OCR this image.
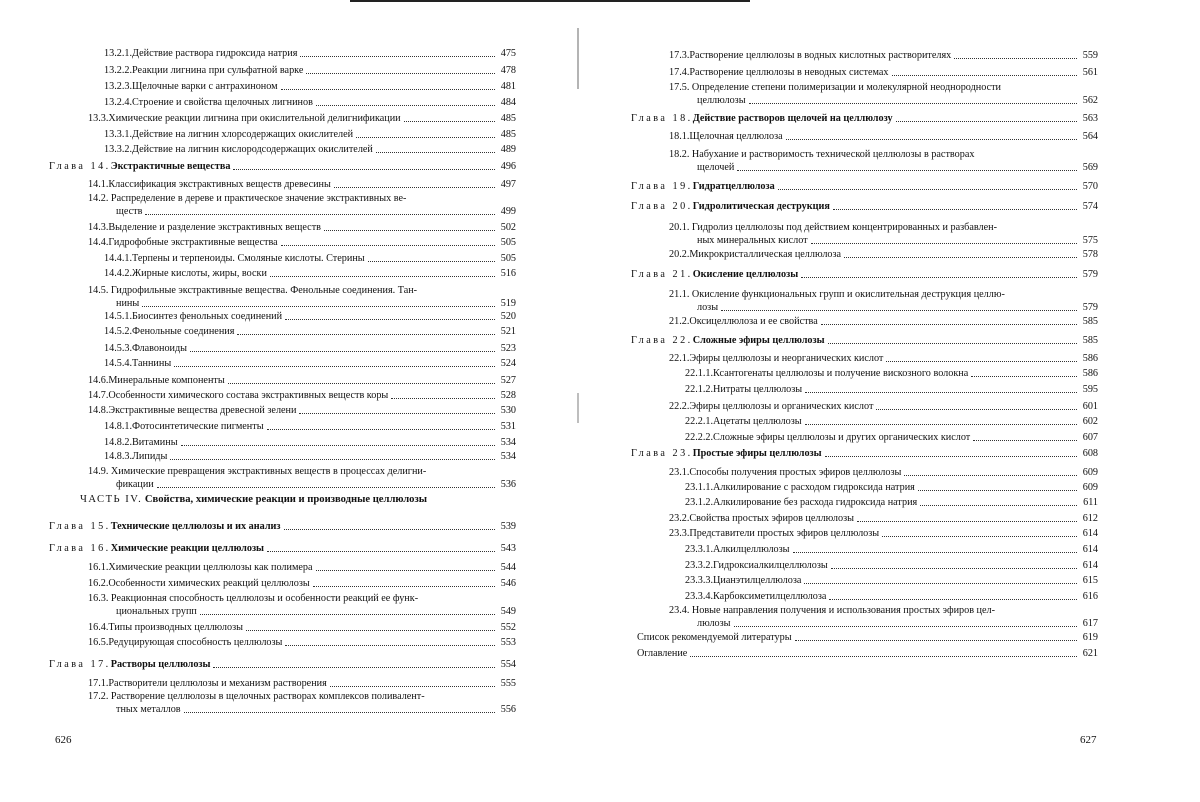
13.2.1. Действие раствора гидроксида натрия	475
13.2.2. Реакции лигнина при сульфатной варке	478
13.2.3. Щелочные варки с антрахиноном	481
13.2.4. Строение и свойства щелочных лигнинов	484
13.3. Химические реакции лигнина при окислительной делигнификации	485
13.3.1. Действие на лигнин хлорсодержащих окислителей	485
13.3.2. Действие на лигнин кислородсодержащих окислителей	489
Глава 14. Экстрактичные вещества	496
14.1. Классификация экстрактивных веществ древесины	497
14.2. Распределение в дереве и практическое значение экстрактивных ве-
ществ	499
14.3. Выделение и разделение экстрактивных веществ	502
14.4. Гидрофобные экстрактивные вещества	505
14.4.1. Терпены и терпеноиды. Смоляные кислоты. Стерины	505
14.4.2. Жирные кислоты, жиры, воски	516
14.5. Гидрофильные экстрактивные вещества. Фенольные соединения. Тан-
нины	519
14.5.1. Биосинтез фенольных соединений	520
14.5.2. Фенольные соединения	521
14.5.3. Флавоноиды	523
14.5.4. Таннины	524
14.6. Минеральные компоненты	527
14.7. Особенности химического состава экстрактивных веществ коры	528
14.8. Экстрактивные вещества древесной зелени	530
14.8.1. Фотосинтетические пигменты	531
14.8.2. Витамины	534
14.8.3. Липиды	534
14.9. Химические превращения экстрактивных веществ в процессах делигни-
фикации	536
ЧАСТЬ IV. Свойства, химические реакции и производные целлюлозы
Глава 15. Технические целлюлозы и их анализ	539
Глава 16. Химические реакции целлюлозы	543
16.1. Химические реакции целлюлозы как полимера	544
16.2. Особенности химических реакций целлюлозы	546
16.3. Реакционная способность целлюлозы и особенности реакций ее функ-
циональных групп	549
16.4. Типы производных целлюлозы	552
16.5. Редуцирующая способность целлюлозы	553
Глава 17. Растворы целлюлозы	554
17.1. Растворители целлюлозы и механизм растворения	555
17.2. Растворение целлюлозы в щелочных растворах комплексов поливалент-
тных металлов	556
17.3. Растворение целлюлозы в водных кислотных растворителях	559
17.4. Растворение целлюлозы в неводных системах	561
17.5. Определение степени полимеризации и молекулярной неоднородности
целлюлозы	562
Глава 18. Действие растворов щелочей на целлюлозу	563
18.1. Щелочная целлюлоза	564
18.2. Набухание и растворимость технической целлюлозы в растворах
щелочей	569
Глава 19. Гидратцеллюлоза	570
Глава 20. Гидролитическая деструкция	574
20.1. Гидролиз целлюлозы под действием концентрированных и разбавлен-
ных минеральных кислот	575
20.2. Микрокристаллическая целлюлоза	578
Глава 21. Окисление целлюлозы	579
21.1. Окисление функциональных групп и окислительная деструкция целлю-
лозы	579
21.2. Оксицеллюлоза и ее свойства	585
Глава 22. Сложные эфиры целлюлозы	585
22.1. Эфиры целлюлозы и неорганических кислот	586
22.1.1. Ксантогенаты целлюлозы и получение вискозного волокна	586
22.1.2. Нитраты целлюлозы	595
22.2. Эфиры целлюлозы и органических кислот	601
22.2.1. Ацетаты целлюлозы	602
22.2.2. Сложные эфиры целлюлозы и других органических кислот	607
Глава 23. Простые эфиры целлюлозы	608
23.1. Способы получения простых эфиров целлюлозы	609
23.1.1. Алкилирование с расходом гидроксида натрия	609
23.1.2. Алкилирование без расхода гидроксида натрия	611
23.2. Свойства простых эфиров целлюлозы	612
23.3. Представители простых эфиров целлюлозы	614
23.3.1. Алкилцеллюлозы	614
23.3.2. Гидроксиалкилцеллюлозы	614
23.3.3. Цианэтилцеллюлоза	615
23.3.4. Карбоксиметилцеллюлоза	616
23.4. Новые направления получения и использования простых эфиров цел-
люлозы	617
Список рекомендуемой литературы	619
Оглавление	621
626	627
